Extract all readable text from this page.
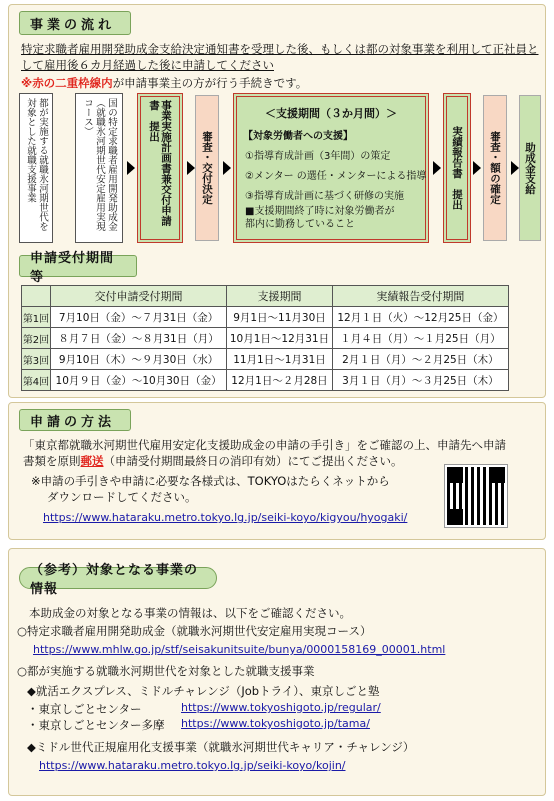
事業の流れ
特定求職者雇用開発助成金支給決定通知書を受理した後、もしくは都の対象事業を利用して正社員と
して雇用後６カ月経過した後に申請してください
※赤の二重枠線内が申請事業主の方が行う手続きです。
都が実施する就職氷河期世代を対象とした就職支援事業	国の特定求職者雇用開発助成金（就職氷河期世代安定雇用実現コース）	事業実施計画書兼交付申請書　提出
審査・交付決定
＜支援期間（３か月間）＞
【対象労働者への支援】
①指導育成計画（3年間）の策定
②メンター の選任・メンターによる指導
③指導育成計画に基づく研修の実施
■支援期間終了時に対象労働者が都内に勤務していること
実績報告書　提出 審査・額の確定 助成金支給
申請受付期間等
	交付申請受付期間	支援期間	実績報告受付期間
第1回	7月10日（金）～７月31日（金）	9月1日～11月30日	12月１日（火）～12月25日（金）
第2回	８月７日（金）～８月31日（月）	10月1日～12月31日	１月４日（月）～１月25日（月）
第3回	9月10日（木）～９月30日（水）	11月1日～1月31日	2月１日（月）～２月25日（木）
第4回	10月９日（金）～10月30日（金）	12月1日～２月28日	3月１日（月）～３月25日（木）
申請の方法
「東京都就職氷河期世代雇用安定化支援助成金の申請の手引き」をご確認の上、申請先へ申請
書類を原則郵送（申請受付期間最終日の消印有効）にてご提出ください。
※申請の手引きや申請に必要な各様式は、TOKYOはたらくネットから
ダウンロードしてください。
https://www.hataraku.metro.tokyo.lg.jp/seiki-koyo/kigyou/hyogaki/
（参考）対象となる事業の情報
本助成金の対象となる事業の情報は、以下をご確認ください。
○特定求職者雇用開発助成金（就職氷河期世代安定雇用実現コース）
https://www.mhlw.go.jp/stf/seisakunitsuite/bunya/0000158169_00001.html
○都が実施する就職氷河期世代を対象とした就職支援事業
◆就活エクスプレス、ミドルチャレンジ（Jobトライ）、東京しごと塾
・東京しごとセンター	https://www.tokyoshigoto.jp/regular/
・東京しごとセンター多摩 https://www.tokyoshigoto.jp/tama/
◆ミドル世代正規雇用化支援事業（就職氷河期世代キャリア・チャレンジ）
https://www.hataraku.metro.tokyo.lg.jp/seiki-koyo/kojin/
